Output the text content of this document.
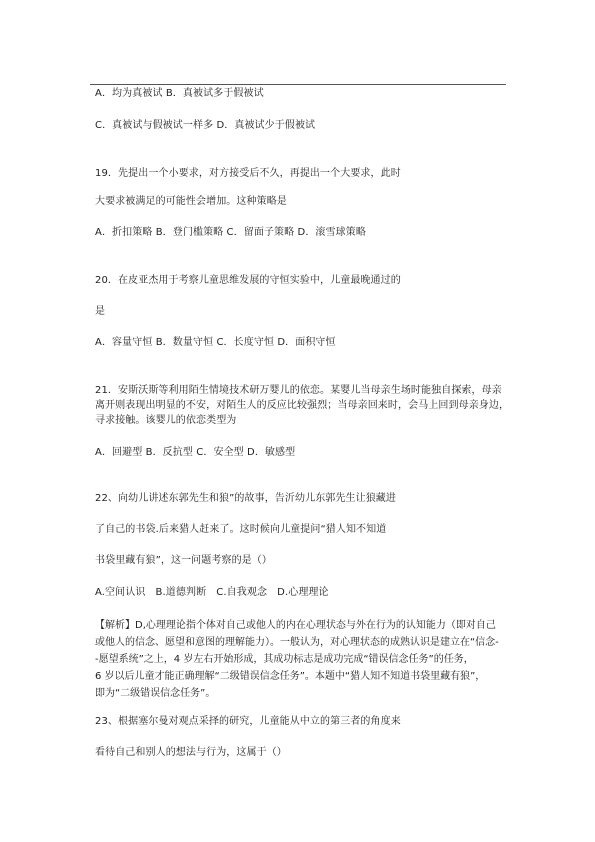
A．均为真被试 B．真被试多于假被试
C．真被试与假被试一样多 D．真被试少于假被试
19．先提出一个小要求，对方接受后不久，再提出一个大要求，此时
大要求被满足的可能性会增加。这种策略是
A．折扣策略 B．登门槛策略 C．留面子策略 D．滚雪球策略
20．在皮亚杰用于考察儿童思维发展的守恒实验中，儿童最晚通过的
是
A．容量守恒 B．数量守恒 C．长度守恒 D．面积守恒
21．安斯沃斯等利用陌生情境技术研万婴儿的依恋。某婴儿当母亲生场时能独自探索，母亲
离开则表现出明显的不安，对陌生人的反应比较强烈；当母亲回来时，会马上回到母亲身边，
寻求接触。该婴儿的依恋类型为
A．回避型 B．反抗型 C．安全型 D．敏感型
22、向幼儿讲述东郭先生和狼”的故事，告沂幼儿东郭先生让狼藏进
了自己的书袋.后来猎人赶来了。这时候向儿童提问“猎人知不知道
书袋里藏有狼”，这一问题考察的是（）
A.空间认识　B.道德判断　C.自我观念　D.心理理论

【解析】D,心理理论指个体对自己或他人的内在心理状态与外在行为的认知能力（即对自己

或他人的信念、愿望和意图的理解能力）。一般认为，对心理状态的成熟认识是建立在“信念-

-愿望系统”之上，4 岁左右开始形成，其成功标志是成功完成“错误信念任务”的任务，

6 岁以后儿童才能正确理解“二级错误信念任务”。本题中“猎人知不知道书袋里藏有狼”，

即为“二级错误信念任务”。

23、根据塞尔曼对观点采择的研究，儿童能从中立的第三者的角度来
看待自己和别人的想法与行为，这属于（）
